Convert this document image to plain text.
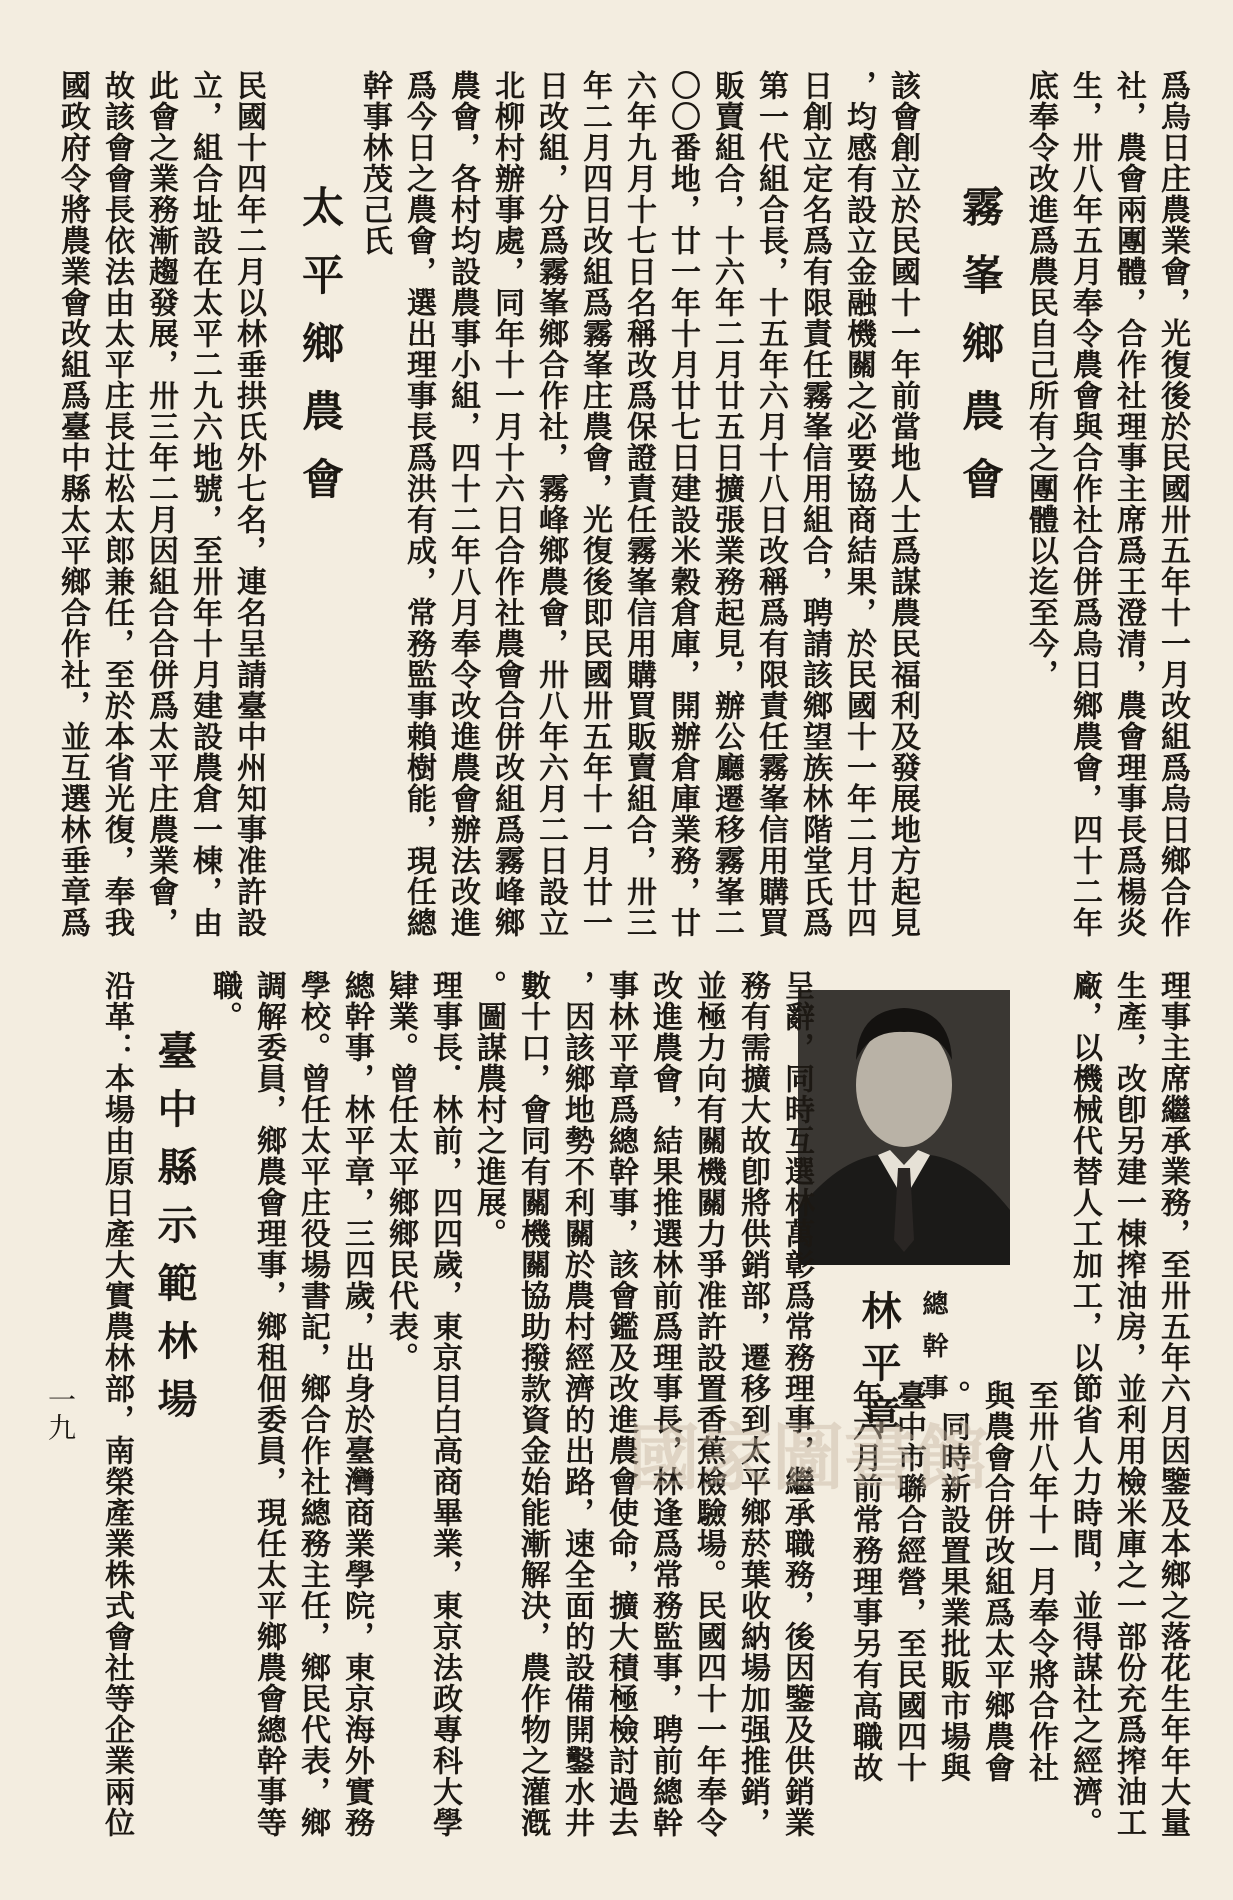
爲烏日庄農業會，光復後於民國卅五年十一月改組爲烏日鄉合作
社，農會兩團體，合作社理事主席爲王澄清，農會理事長爲楊炎
生，卅八年五月奉令農會與合作社合併爲烏日鄉農會，四十二年
底奉令改進爲農民自己所有之團體以迄至今，
霧峯鄉農會
該會創立於民國十一年前當地人士爲謀農民福利及發展地方起見
，均感有設立金融機關之必要協商結果，於民國十一年二月廿四
日創立定名爲有限責任霧峯信用組合，聘請該鄉望族林階堂氏爲
第一代組合長，十五年六月十八日改稱爲有限責任霧峯信用購買
販賣組合，十六年二月廿五日擴張業務起見，辦公廳遷移霧峯二
〇〇番地，廿一年十月廿七日建設米穀倉庫，開辦倉庫業務，廿
六年九月十七日名稱改爲保證責任霧峯信用購買販賣組合，卅三
年二月四日改組爲霧峯庄農會，光復後即民國卅五年十一月廿一
日改組，分爲霧峯鄉合作社，霧峰鄉農會，卅八年六月二日設立
北柳村辦事處，同年十一月十六日合作社農會合併改組爲霧峰鄉
農會，各村均設農事小組，四十二年八月奉令改進農會辦法改進
爲今日之農會，選出理事長爲洪有成，常務監事賴樹能，現任總
幹事林茂己氏
太平鄉農會
民國十四年二月以林垂拱氏外七名，連名呈請臺中州知事准許設
立，組合址設在太平二九六地號，至卅年十月建設農倉一棟，由
此會之業務漸趨發展，卅三年二月因組合合併爲太平庄農業會，
故該會會長依法由太平庄長辻松太郎兼任，至於本省光復，奉我
國政府令將農業會改組爲臺中縣太平鄉合作社，並互選林垂章爲
理事主席繼承業務，至卅五年六月因鑒及本鄉之落花生年年大量
生產，改卽另建一棟搾油房，並利用檢米庫之一部份充爲搾油工
廠，以機械代替人工加工，以節省人力時間，並得謀社之經濟。
至卅八年十一月奉令將合作社
與農會合併改組爲太平鄉農會
。同時新設置果業批販市場與
臺中市聯合經營，至民國四十
年六月前常務理事另有高職故
總幹事
林平章
呈辭，同時互選林萬彰爲常務理事，繼承職務，後因鑒及供銷業
務有需擴大故卽將供銷部，遷移到太平鄉菸葉收納場加强推銷，
並極力向有關機關力爭准許設置香蕉檢驗場。民國四十一年奉令
改進農會，結果推選林前爲理事長，林逢爲常務監事，聘前總幹
事林平章爲總幹事，該會鑑及改進農會使命，擴大積極檢討過去
，因該鄉地勢不利關於農村經濟的出路，速全面的設備開鑿水井
數十口，會同有關機關協助撥款資金始能漸解決，農作物之灌漑
。圖謀農村之進展。
理事長．林前，四四歲，東京目白高商畢業，東京法政專科大學
肄業。曾任太平鄉鄉民代表。
總幹事，林平章，三四歲，出身於臺灣商業學院，東京海外實務
學校。曾任太平庄役場書記，鄉合作社總務主任，鄉民代表，鄉
調解委員，鄉農會理事，鄉租佃委員，現任太平鄉農會總幹事等
職。
臺中縣示範林場
沿革：本場由原日產大實農林部，南榮產業株式會社等企業兩位
一九
國家圖書館
